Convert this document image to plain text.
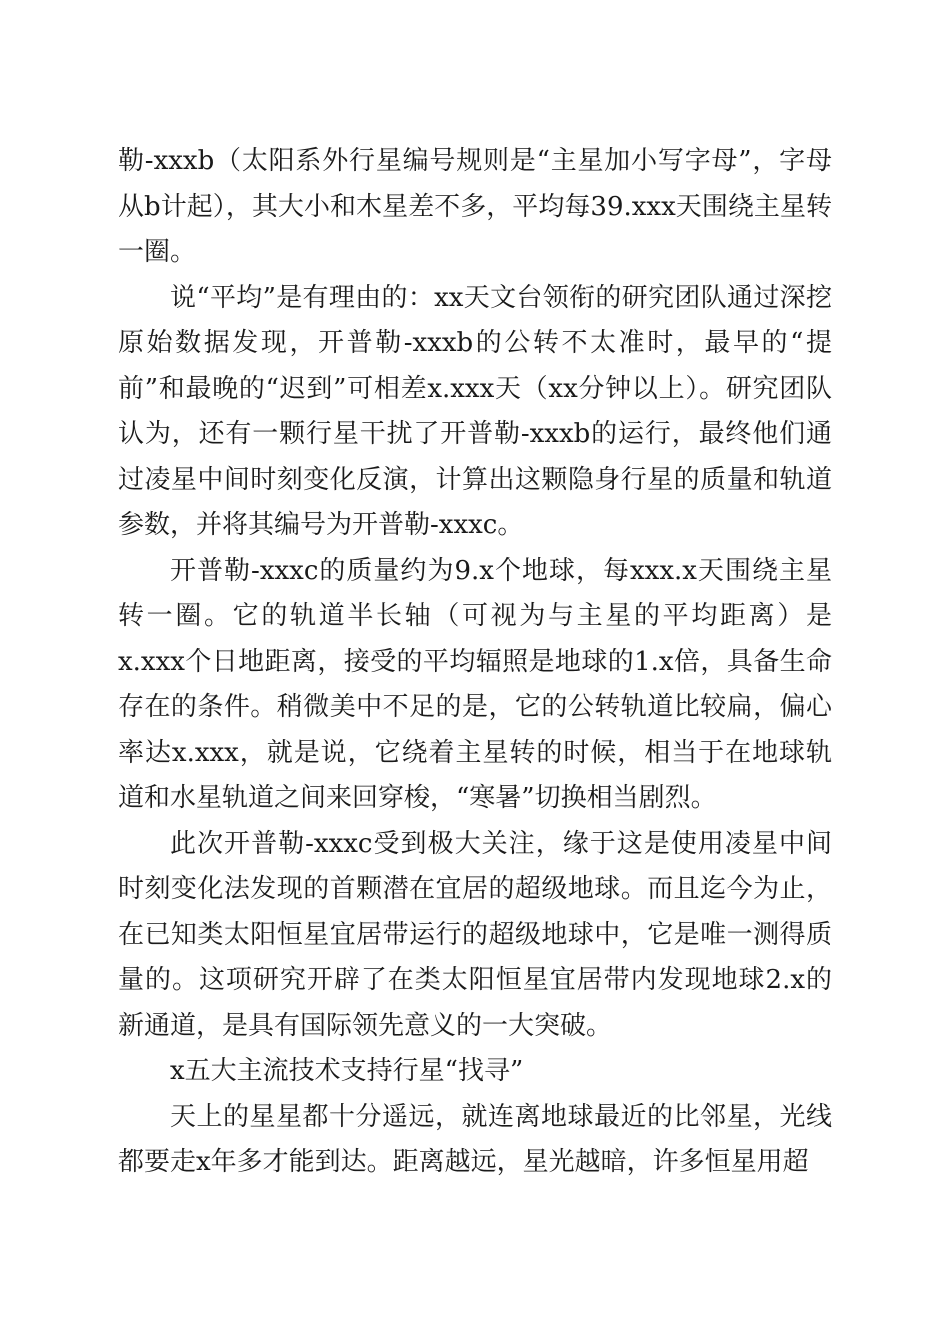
勒-xxxb（太阳系外行星编号规则是“主星加小写字母”，字母从b计起），其大小和木星差不多，平均每39.xxx天围绕主星转一圈。

说“平均”是有理由的：xx天文台领衔的研究团队通过深挖原始数据发现，开普勒-xxxb的公转不太准时，最早的“提前”和最晚的“迟到”可相差x.xxx天（xx分钟以上）。研究团队认为，还有一颗行星干扰了开普勒-xxxb的运行，最终他们通过凌星中间时刻变化反演，计算出这颗隐身行星的质量和轨道参数，并将其编号为开普勒-xxxc。

开普勒-xxxc的质量约为9.x个地球，每xxx.x天围绕主星转一圈。它的轨道半长轴（可视为与主星的平均距离）是x.xxx个日地距离，接受的平均辐照是地球的1.x倍，具备生命存在的条件。稍微美中不足的是，它的公转轨道比较扁，偏心率达x.xxx，就是说，它绕着主星转的时候，相当于在地球轨道和水星轨道之间来回穿梭，“寒暑”切换相当剧烈。

此次开普勒-xxxc受到极大关注，缘于这是使用凌星中间时刻变化法发现的首颗潜在宜居的超级地球。而且迄今为止，在已知类太阳恒星宜居带运行的超级地球中，它是唯一测得质量的。这项研究开辟了在类太阳恒星宜居带内发现地球2.x的新通道，是具有国际领先意义的一大突破。

x五大主流技术支持行星“找寻”

天上的星星都十分遥远，就连离地球最近的比邻星，光线都要走x年多才能到达。距离越远，星光越暗，许多恒星用超
